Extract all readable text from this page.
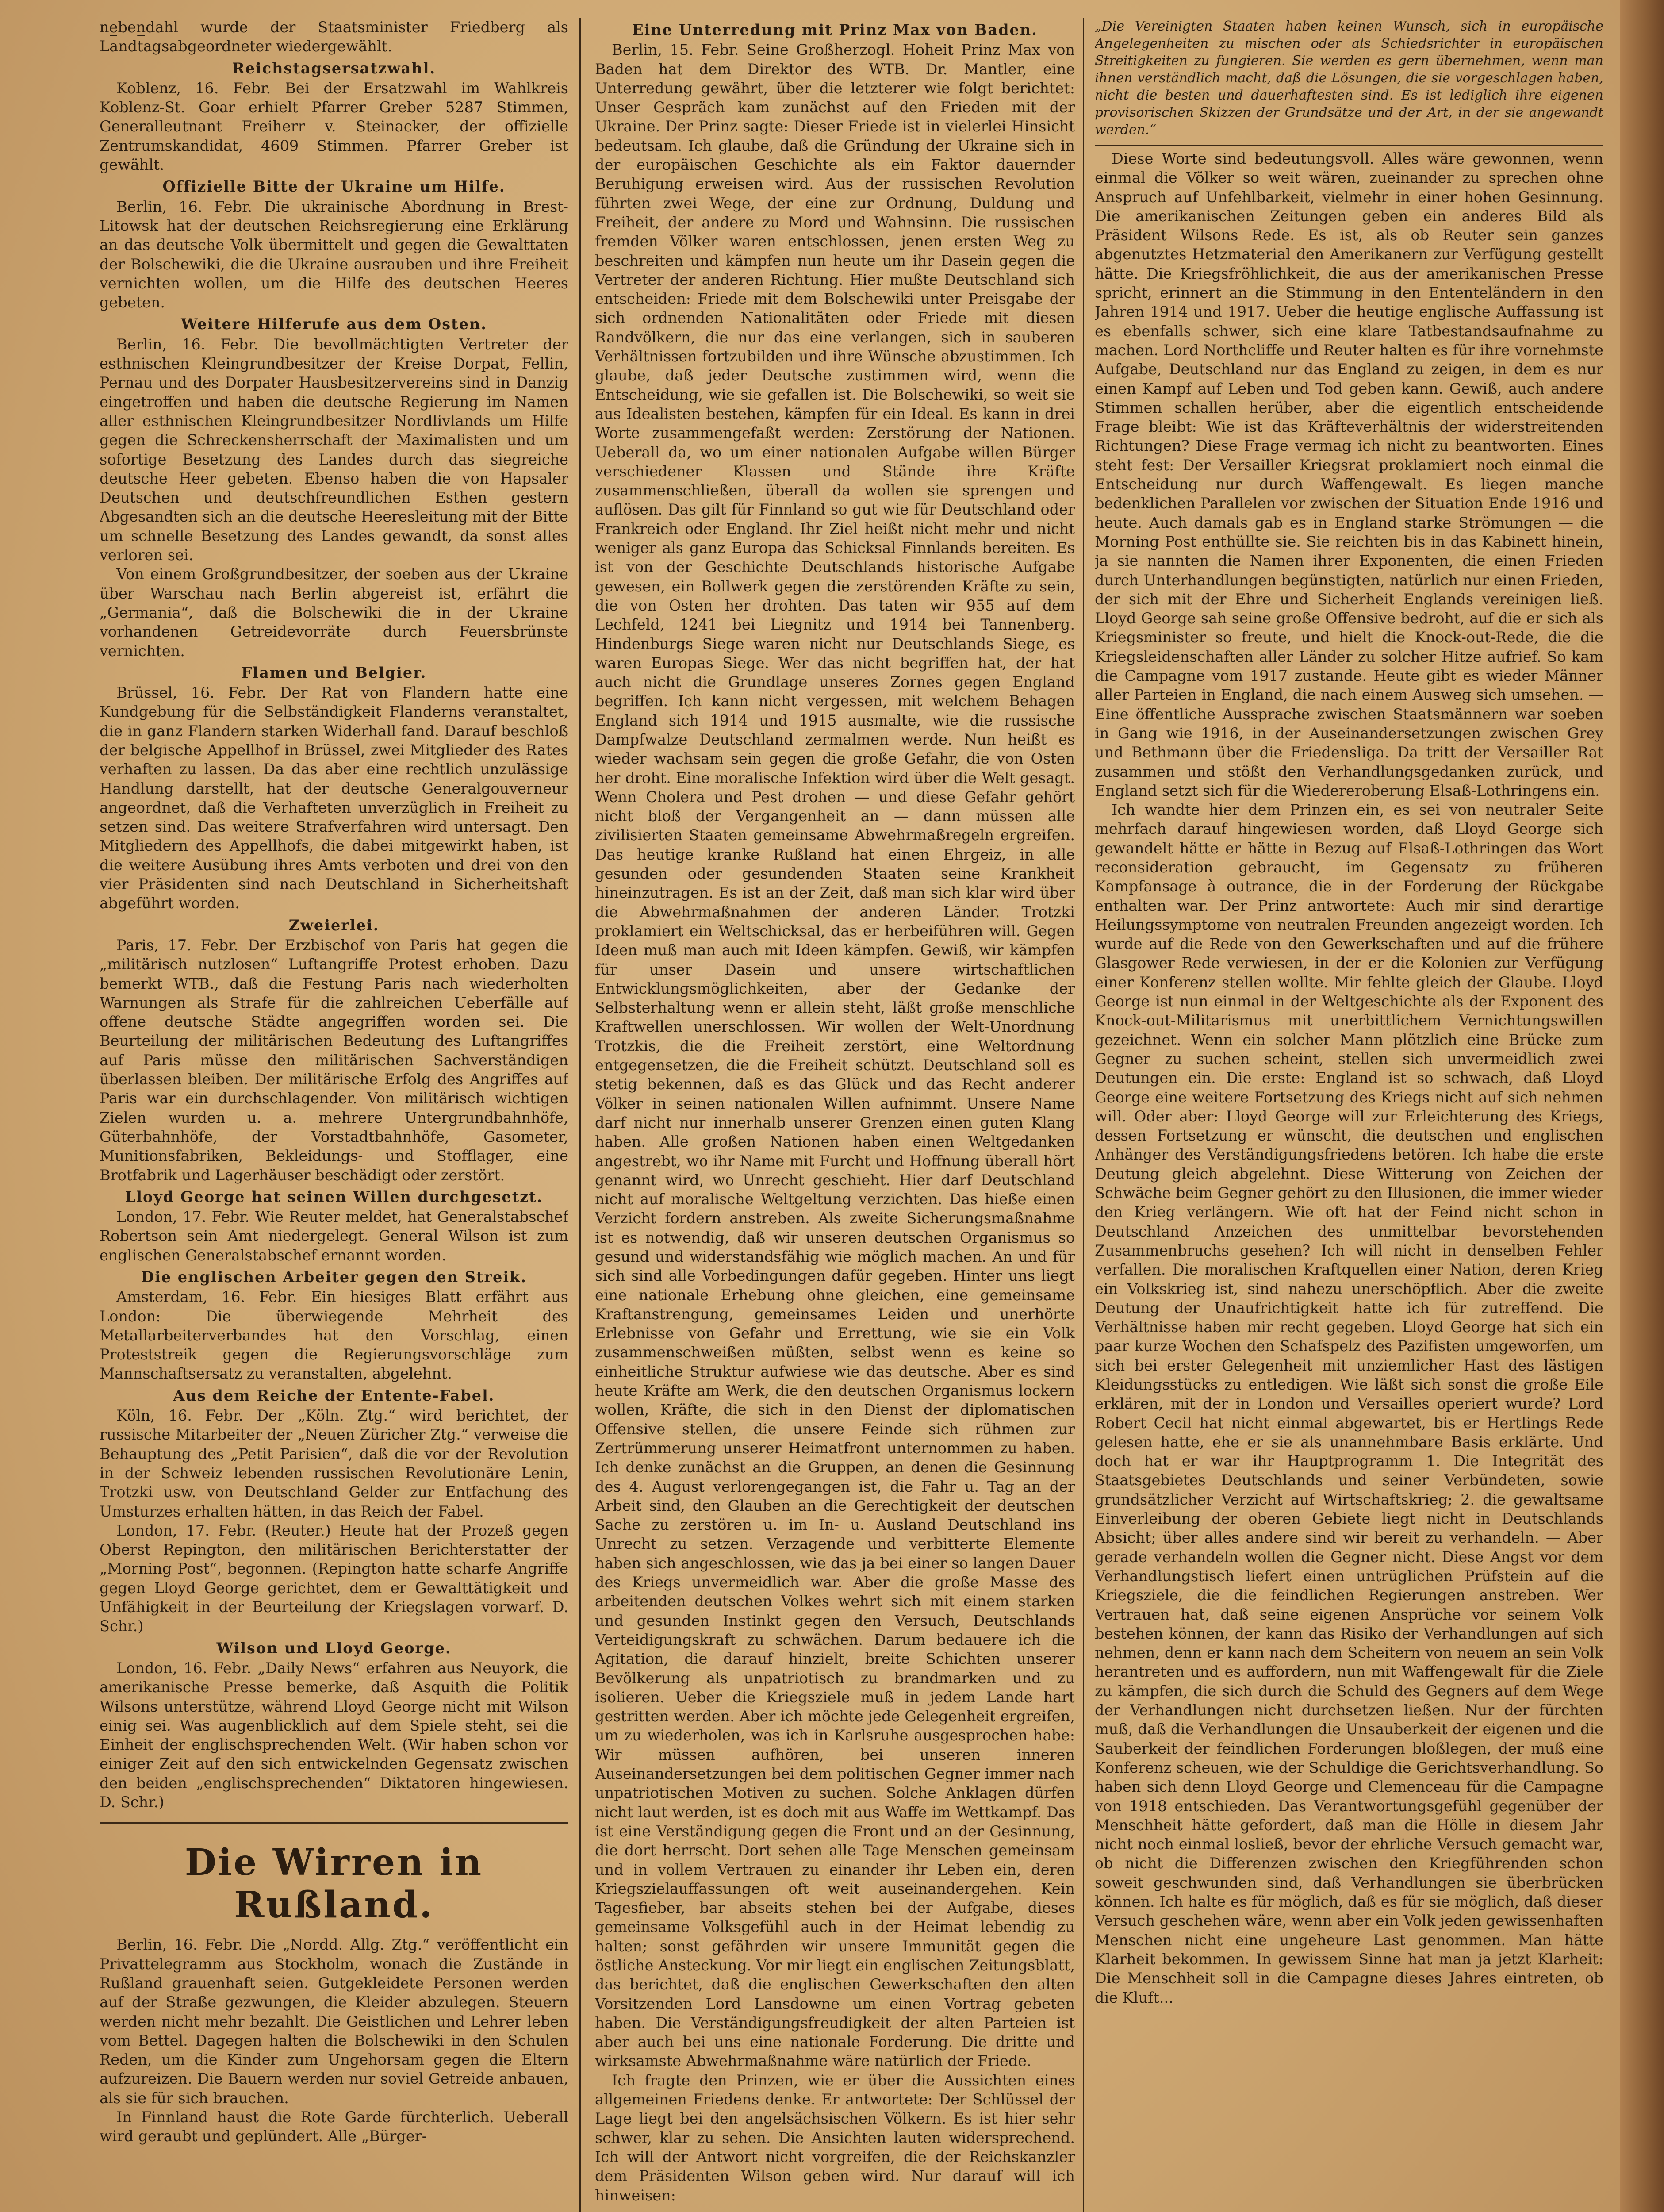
ne̲ben̲dahl wurde der Staatsminister Friedberg als Landtagsabgeordneter wiedergewählt.

Reichstagsersatzwahl.

Koblenz, 16. Febr. Bei der Ersatzwahl im Wahlkreis Koblenz-St. Goar erhielt Pfarrer Greber 5287 Stimmen, Generalleutnant Freiherr v. Steinacker, der offizielle Zentrumskandidat, 4609 Stimmen. Pfarrer Greber ist gewählt.

Offizielle Bitte der Ukraine um Hilfe.

Berlin, 16. Febr. Die ukrainische Abordnung in Brest-Litowsk hat der deutschen Reichsregierung eine Erklärung an das deutsche Volk übermittelt und gegen die Gewalttaten der Bolschewiki, die die Ukraine ausrauben und ihre Freiheit vernichten wollen, um die Hilfe des deutschen Heeres gebeten.

Weitere Hilferufe aus dem Osten.

Berlin, 16. Febr. Die bevollmächtigten Vertreter der esthnischen Kleingrundbesitzer der Kreise Dorpat, Fellin, Pernau und des Dorpater Hausbesitzervereins sind in Danzig eingetroffen und haben die deutsche Regierung im Namen aller esthnischen Kleingrundbesitzer Nordlivlands um Hilfe gegen die Schreckensherrschaft der Maximalisten und um sofortige Besetzung des Landes durch das siegreiche deutsche Heer gebeten. Ebenso haben die von Hapsaler Deutschen und deutschfreundlichen Esthen gestern Abgesandten sich an die deutsche Heeresleitung mit der Bitte um schnelle Besetzung des Landes gewandt, da sonst alles verloren sei.

Von einem Großgrundbesitzer, der soeben aus der Ukraine über Warschau nach Berlin abgereist ist, erfährt die „Germania“, daß die Bolschewiki die in der Ukraine vorhandenen Getreidevorräte durch Feuersbrünste vernichten.

Flamen und Belgier.

Brüssel, 16. Febr. Der Rat von Flandern hatte eine Kundgebung für die Selbständigkeit Flanderns veranstaltet, die in ganz Flandern starken Widerhall fand. Darauf beschloß der belgische Appellhof in Brüssel, zwei Mitglieder des Rates verhaften zu lassen. Da das aber eine rechtlich unzulässige Handlung darstellt, hat der deutsche Generalgouverneur angeordnet, daß die Verhafteten unverzüglich in Freiheit zu setzen sind. Das weitere Strafverfahren wird untersagt. Den Mitgliedern des Appellhofs, die dabei mitgewirkt haben, ist die weitere Ausübung ihres Amts verboten und drei von den vier Präsidenten sind nach Deutschland in Sicherheitshaft abgeführt worden.

Zweierlei.

Paris, 17. Febr. Der Erzbischof von Paris hat gegen die „militärisch nutzlosen“ Luftangriffe Protest erhoben. Dazu bemerkt WTB., daß die Festung Paris nach wiederholten Warnungen als Strafe für die zahlreichen Ueberfälle auf offene deutsche Städte angegriffen worden sei. Die Beurteilung der militärischen Bedeutung des Luftangriffes auf Paris müsse den militärischen Sachverständigen überlassen bleiben. Der militärische Erfolg des Angriffes auf Paris war ein durchschlagender. Von militärisch wichtigen Zielen wurden u. a. mehrere Untergrundbahnhöfe, Güterbahnhöfe, der Vorstadtbahnhöfe, Gasometer, Munitionsfabriken, Bekleidungs- und Stofflager, eine Brotfabrik und Lagerhäuser beschädigt oder zerstört.

Lloyd George hat seinen Willen durchgesetzt.

London, 17. Febr. Wie Reuter meldet, hat Generalstabschef Robertson sein Amt niedergelegt. General Wilson ist zum englischen Generalstabschef ernannt worden.

Die englischen Arbeiter gegen den Streik.

Amsterdam, 16. Febr. Ein hiesiges Blatt erfährt aus London: Die überwiegende Mehrheit des Metallarbeiterverbandes hat den Vorschlag, einen Proteststreik gegen die Regierungsvorschläge zum Mannschaftsersatz zu veranstalten, abgelehnt.

Aus dem Reiche der Entente-Fabel.

Köln, 16. Febr. Der „Köln. Ztg.“ wird berichtet, der russische Mitarbeiter der „Neuen Züricher Ztg.“ verweise die Behauptung des „Petit Parisien“, daß die vor der Revolution in der Schweiz lebenden russischen Revolutionäre Lenin, Trotzki usw. von Deutschland Gelder zur Entfachung des Umsturzes erhalten hätten, in das Reich der Fabel.

London, 17. Febr. (Reuter.) Heute hat der Prozeß gegen Oberst Repington, den militärischen Berichterstatter der „Morning Post“, begonnen. (Repington hatte scharfe Angriffe gegen Lloyd George gerichtet, dem er Gewalttätigkeit und Unfähigkeit in der Beurteilung der Kriegslagen vorwarf. D. Schr.)

Wilson und Lloyd George.

London, 16. Febr. „Daily News“ erfahren aus Neuyork, die amerikanische Presse bemerke, daß Asquith die Politik Wilsons unterstütze, während Lloyd George nicht mit Wilson einig sei. Was augenblicklich auf dem Spiele steht, sei die Einheit der englischsprechenden Welt. (Wir haben schon vor einiger Zeit auf den sich entwickelnden Gegensatz zwischen den beiden „englischsprechenden“ Diktatoren hingewiesen. D. Schr.)

Die Wirren in Rußland.

Berlin, 16. Febr. Die „Nordd. Allg. Ztg.“ veröffentlicht ein Privattelegramm aus Stockholm, wonach die Zustände in Rußland grauenhaft seien. Gutgekleidete Personen werden auf der Straße gezwungen, die Kleider abzulegen. Steuern werden nicht mehr bezahlt. Die Geistlichen und Lehrer leben vom Bettel. Dagegen halten die Bolschewiki in den Schulen Reden, um die Kinder zum Ungehorsam gegen die Eltern aufzureizen. Die Bauern werden nur soviel Getreide anbauen, als sie für sich brauchen.

In Finnland haust die Rote Garde fürchterlich. Ueberall wird geraubt und geplündert. Alle „Bürger-

Eine Unterredung mit Prinz Max von Baden.

Berlin, 15. Febr. Seine Großherzogl. Hoheit Prinz Max von Baden hat dem Direktor des WTB. Dr. Mantler, eine Unterredung gewährt, über die letzterer wie folgt berichtet: Unser Gespräch kam zunächst auf den Frieden mit der Ukraine. Der Prinz sagte: Dieser Friede ist in vielerlei Hinsicht bedeutsam. Ich glaube, daß die Gründung der Ukraine sich in der europäischen Geschichte als ein Faktor dauernder Beruhigung erweisen wird. Aus der russischen Revolution führten zwei Wege, der eine zur Ordnung, Duldung und Freiheit, der andere zu Mord und Wahnsinn. Die russischen fremden Völker waren entschlossen, jenen ersten Weg zu beschreiten und kämpfen nun heute um ihr Dasein gegen die Vertreter der anderen Richtung. Hier mußte Deutschland sich entscheiden: Friede mit dem Bolschewiki unter Preisgabe der sich ordnenden Nationalitäten oder Friede mit diesen Randvölkern, die nur das eine verlangen, sich in sauberen Verhältnissen fortzubilden und ihre Wünsche abzustimmen. Ich glaube, daß jeder Deutsche zustimmen wird, wenn die Entscheidung, wie sie gefallen ist. Die Bolschewiki, so weit sie aus Idealisten bestehen, kämpfen für ein Ideal. Es kann in drei Worte zusammengefaßt werden: Zerstörung der Nationen. Ueberall da, wo um einer nationalen Aufgabe willen Bürger verschiedener Klassen und Stände ihre Kräfte zusammenschließen, überall da wollen sie sprengen und auflösen. Das gilt für Finnland so gut wie für Deutschland oder Frankreich oder England. Ihr Ziel heißt nicht mehr und nicht weniger als ganz Europa das Schicksal Finnlands bereiten. Es ist von der Geschichte Deutschlands historische Aufgabe gewesen, ein Bollwerk gegen die zerstörenden Kräfte zu sein, die von Osten her drohten. Das taten wir 955 auf dem Lechfeld, 1241 bei Liegnitz und 1914 bei Tannenberg. Hindenburgs Siege waren nicht nur Deutschlands Siege, es waren Europas Siege. Wer das nicht begriffen hat, der hat auch nicht die Grundlage unseres Zornes gegen England begriffen. Ich kann nicht vergessen, mit welchem Behagen England sich 1914 und 1915 ausmalte, wie die russische Dampfwalze Deutschland zermalmen werde. Nun heißt es wieder wachsam sein gegen die große Gefahr, die von Osten her droht. Eine moralische Infektion wird über die Welt gesagt. Wenn Cholera und Pest drohen — und diese Gefahr gehört nicht bloß der Vergangenheit an — dann müssen alle zivilisierten Staaten gemeinsame Abwehrmaßregeln ergreifen. Das heutige kranke Rußland hat einen Ehrgeiz, in alle gesunden oder gesundenden Staaten seine Krankheit hineinzutragen. Es ist an der Zeit, daß man sich klar wird über die Abwehrmaßnahmen der anderen Länder. Trotzki proklamiert ein Weltschicksal, das er herbeiführen will. Gegen Ideen muß man auch mit Ideen kämpfen. Gewiß, wir kämpfen für unser Dasein und unsere wirtschaftlichen Entwicklungsmöglichkeiten, aber der Gedanke der Selbsterhaltung wenn er allein steht, läßt große menschliche Kraftwellen unerschlossen. Wir wollen der Welt-Unordnung Trotzkis, die die Freiheit zerstört, eine Weltordnung entgegensetzen, die die Freiheit schützt. Deutschland soll es stetig bekennen, daß es das Glück und das Recht anderer Völker in seinen nationalen Willen aufnimmt. Unsere Name darf nicht nur innerhalb unserer Grenzen einen guten Klang haben. Alle großen Nationen haben einen Weltgedanken angestrebt, wo ihr Name mit Furcht und Hoffnung überall hört genannt wird, wo Unrecht geschieht. Hier darf Deutschland nicht auf moralische Weltgeltung verzichten. Das hieße einen Verzicht fordern anstreben. Als zweite Sicherungsmaßnahme ist es notwendig, daß wir unseren deutschen Organismus so gesund und widerstandsfähig wie möglich machen. An und für sich sind alle Vorbedingungen dafür gegeben. Hinter uns liegt eine nationale Erhebung ohne gleichen, eine gemeinsame Kraftanstrengung, gemeinsames Leiden und unerhörte Erlebnisse von Gefahr und Errettung, wie sie ein Volk zusammenschweißen müßten, selbst wenn es keine so einheitliche Struktur aufwiese wie das deutsche. Aber es sind heute Kräfte am Werk, die den deutschen Organismus lockern wollen, Kräfte, die sich in den Dienst der diplomatischen Offensive stellen, die unsere Feinde sich rühmen zur Zertrümmerung unserer Heimatfront unternommen zu haben. Ich denke zunächst an die Gruppen, an denen die Gesinnung des 4. August verlorengegangen ist, die Fahr u. Tag an der Arbeit sind, den Glauben an die Gerechtigkeit der deutschen Sache zu zerstören u. im In- u. Ausland Deutschland ins Unrecht zu setzen. Verzagende und verbitterte Elemente haben sich angeschlossen, wie das ja bei einer so langen Dauer des Kriegs unvermeidlich war. Aber die große Masse des arbeitenden deutschen Volkes wehrt sich mit einem starken und gesunden Instinkt gegen den Versuch, Deutschlands Verteidigungskraft zu schwächen. Darum bedauere ich die Agitation, die darauf hinzielt, breite Schichten unserer Bevölkerung als unpatriotisch zu brandmarken und zu isolieren. Ueber die Kriegsziele muß in jedem Lande hart gestritten werden. Aber ich möchte jede Gelegenheit ergreifen, um zu wiederholen, was ich in Karlsruhe ausgesprochen habe: Wir müssen aufhören, bei unseren inneren Auseinandersetzungen bei dem politischen Gegner immer nach unpatriotischen Motiven zu suchen. Solche Anklagen dürfen nicht laut werden, ist es doch mit aus Waffe im Wettkampf. Das ist eine Verständigung gegen die Front und an der Gesinnung, die dort herrscht. Dort sehen alle Tage Menschen gemeinsam und in vollem Vertrauen zu einander ihr Leben ein, deren Kriegszielauffassungen oft weit auseinandergehen. Kein Tagesfieber, bar abseits stehen bei der Aufgabe, dieses gemeinsame Volksgefühl auch in der Heimat lebendig zu halten; sonst gefährden wir unsere Immunität gegen die östliche Ansteckung. Vor mir liegt ein englischen Zeitungsblatt, das berichtet, daß die englischen Gewerkschaften den alten Vorsitzenden Lord Lansdowne um einen Vortrag gebeten haben. Die Verständigungsfreudigkeit der alten Parteien ist aber auch bei uns eine nationale Forderung. Die dritte und wirksamste Abwehrmaßnahme wäre natürlich der Friede.

Ich fragte den Prinzen, wie er über die Aussichten eines allgemeinen Friedens denke. Er antwortete: Der Schlüssel der Lage liegt bei den angelsächsischen Völkern. Es ist hier sehr schwer, klar zu sehen. Die Ansichten lauten widersprechend. Ich will der Antwort nicht vorgreifen, die der Reichskanzler dem Präsidenten Wilson geben wird. Nur darauf will ich hinweisen:

„Die Vereinigten Staaten haben keinen Wunsch, sich in europäische Angelegenheiten zu mischen oder als Schiedsrichter in europäischen Streitigkeiten zu fungieren. Sie werden es gern übernehmen, wenn man ihnen verständlich macht, daß die Lösungen, die sie vorgeschlagen haben, nicht die besten und dauerhaftesten sind. Es ist lediglich ihre eigenen provisorischen Skizzen der Grundsätze und der Art, in der sie angewandt werden.“

Diese Worte sind bedeutungsvoll. Alles wäre gewonnen, wenn einmal die Völker so weit wären, zueinander zu sprechen ohne Anspruch auf Unfehlbarkeit, vielmehr in einer hohen Gesinnung. Die amerikanischen Zeitungen geben ein anderes Bild als Präsident Wilsons Rede. Es ist, als ob Reuter sein ganzes abgenutztes Hetzmaterial den Amerikanern zur Verfügung gestellt hätte. Die Kriegsfröhlichkeit, die aus der amerikanischen Presse spricht, erinnert an die Stimmung in den Ententeländern in den Jahren 1914 und 1917. Ueber die heutige englische Auffassung ist es ebenfalls schwer, sich eine klare Tatbestandsaufnahme zu machen. Lord Northcliffe und Reuter halten es für ihre vornehmste Aufgabe, Deutschland nur das England zu zeigen, in dem es nur einen Kampf auf Leben und Tod geben kann. Gewiß, auch andere Stimmen schallen herüber, aber die eigentlich entscheidende Frage bleibt: Wie ist das Kräfteverhältnis der widerstreitenden Richtungen? Diese Frage vermag ich nicht zu beantworten. Eines steht fest: Der Versailler Kriegsrat proklamiert noch einmal die Entscheidung nur durch Waffengewalt. Es liegen manche bedenklichen Parallelen vor zwischen der Situation Ende 1916 und heute. Auch damals gab es in England starke Strömungen — die Morning Post enthüllte sie. Sie reichten bis in das Kabinett hinein, ja sie nannten die Namen ihrer Exponenten, die einen Frieden durch Unterhandlungen begünstigten, natürlich nur einen Frieden, der sich mit der Ehre und Sicherheit Englands vereinigen ließ. Lloyd George sah seine große Offensive bedroht, auf die er sich als Kriegsminister so freute, und hielt die Knock-out-Rede, die die Kriegsleidenschaften aller Länder zu solcher Hitze aufrief. So kam die Campagne vom 1917 zustande. Heute gibt es wieder Männer aller Parteien in England, die nach einem Ausweg sich umsehen. — Eine öffentliche Aussprache zwischen Staatsmännern war soeben in Gang wie 1916, in der Auseinandersetzungen zwischen Grey und Bethmann über die Friedensliga. Da tritt der Versailler Rat zusammen und stößt den Verhandlungsgedanken zurück, und England setzt sich für die Wiedereroberung Elsaß-Lothringens ein.

Ich wandte hier dem Prinzen ein, es sei von neutraler Seite mehrfach darauf hingewiesen worden, daß Lloyd George sich gewandelt hätte er hätte in Bezug auf Elsaß-Lothringen das Wort reconsideration gebraucht, im Gegensatz zu früheren Kampfansage à outrance, die in der Forderung der Rückgabe enthalten war. Der Prinz antwortete: Auch mir sind derartige Heilungssymptome von neutralen Freunden angezeigt worden. Ich wurde auf die Rede von den Gewerkschaften und auf die frühere Glasgower Rede verwiesen, in der er die Kolonien zur Verfügung einer Konferenz stellen wollte. Mir fehlte gleich der Glaube. Lloyd George ist nun einmal in der Weltgeschichte als der Exponent des Knock-out-Militarismus mit unerbittlichem Vernichtungswillen gezeichnet. Wenn ein solcher Mann plötzlich eine Brücke zum Gegner zu suchen scheint, stellen sich unvermeidlich zwei Deutungen ein. Die erste: England ist so schwach, daß Lloyd George eine weitere Fortsetzung des Kriegs nicht auf sich nehmen will. Oder aber: Lloyd George will zur Erleichterung des Kriegs, dessen Fortsetzung er wünscht, die deutschen und englischen Anhänger des Verständigungsfriedens betören. Ich habe die erste Deutung gleich abgelehnt. Diese Witterung von Zeichen der Schwäche beim Gegner gehört zu den Illusionen, die immer wieder den Krieg verlängern. Wie oft hat der Feind nicht schon in Deutschland Anzeichen des unmittelbar bevorstehenden Zusammenbruchs gesehen? Ich will nicht in denselben Fehler verfallen. Die moralischen Kraftquellen einer Nation, deren Krieg ein Volkskrieg ist, sind nahezu unerschöpflich. Aber die zweite Deutung der Unaufrichtigkeit hatte ich für zutreffend. Die Verhältnisse haben mir recht gegeben. Lloyd George hat sich ein paar kurze Wochen den Schafspelz des Pazifisten umgeworfen, um sich bei erster Gelegenheit mit unziemlicher Hast des lästigen Kleidungsstücks zu entledigen. Wie läßt sich sonst die große Eile erklären, mit der in London und Versailles operiert wurde? Lord Robert Cecil hat nicht einmal abgewartet, bis er Hertlings Rede gelesen hatte, ehe er sie als unannehmbare Basis erklärte. Und doch hat er war ihr Hauptprogramm 1. Die Integrität des Staatsgebietes Deutschlands und seiner Verbündeten, sowie grundsätzlicher Verzicht auf Wirtschaftskrieg; 2. die gewaltsame Einverleibung der oberen Gebiete liegt nicht in Deutschlands Absicht; über alles andere sind wir bereit zu verhandeln. — Aber gerade verhandeln wollen die Gegner nicht. Diese Angst vor dem Verhandlungstisch liefert einen untrüglichen Prüfstein auf die Kriegsziele, die die feindlichen Regierungen anstreben. Wer Vertrauen hat, daß seine eigenen Ansprüche vor seinem Volk bestehen können, der kann das Risiko der Verhandlungen auf sich nehmen, denn er kann nach dem Scheitern von neuem an sein Volk herantreten und es auffordern, nun mit Waffengewalt für die Ziele zu kämpfen, die sich durch die Schuld des Gegners auf dem Wege der Verhandlungen nicht durchsetzen ließen. Nur der fürchten muß, daß die Verhandlungen die Unsauberkeit der eigenen und die Sauberkeit der feindlichen Forderungen bloßlegen, der muß eine Konferenz scheuen, wie der Schuldige die Gerichtsverhandlung. So haben sich denn Lloyd George und Clemenceau für die Campagne von 1918 entschieden. Das Verantwortungsgefühl gegenüber der Menschheit hätte gefordert, daß man die Hölle in diesem Jahr nicht noch einmal losließ, bevor der ehrliche Versuch gemacht war, ob nicht die Differenzen zwischen den Kriegführenden schon soweit geschwunden sind, daß Verhandlungen sie überbrücken können. Ich halte es für möglich, daß es für sie möglich, daß dieser Versuch geschehen wäre, wenn aber ein Volk jeden gewissenhaften Menschen nicht eine ungeheure Last genommen. Man hätte Klarheit bekommen. In gewissem Sinne hat man ja jetzt Klarheit: Die Menschheit soll in die Campagne dieses Jahres eintreten, ob die Kluft...
